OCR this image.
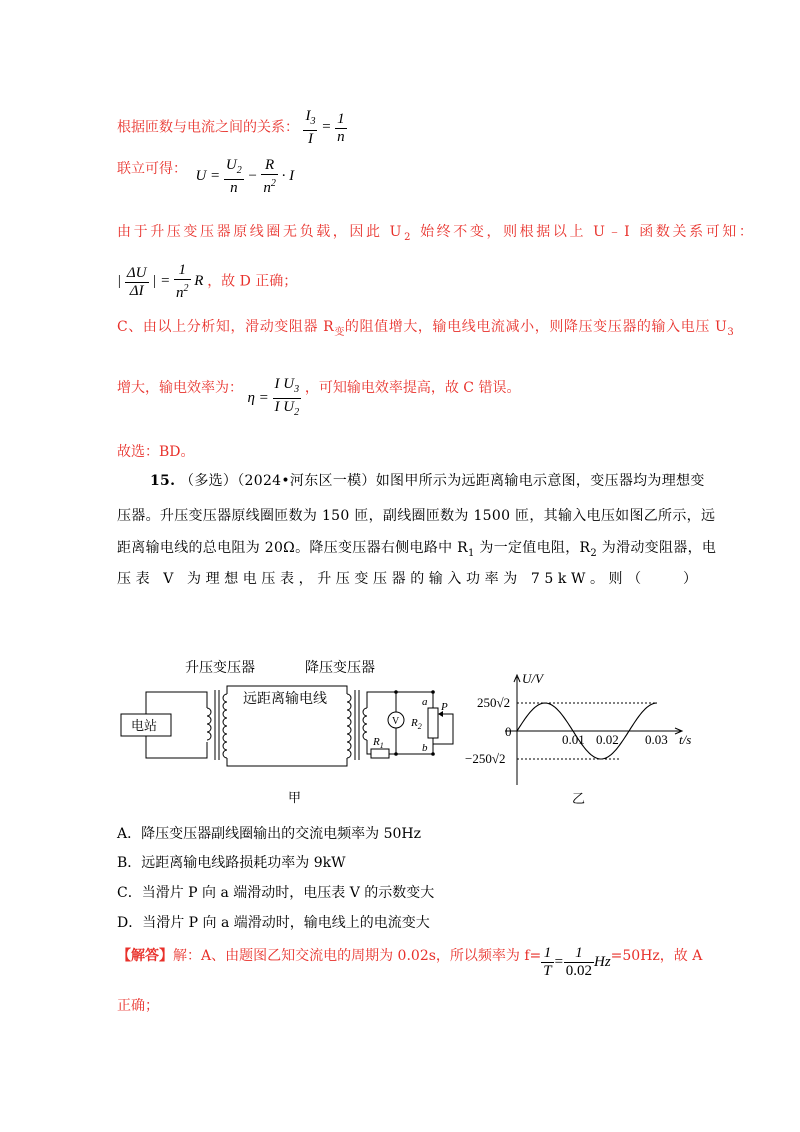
根据匝数与电流之间的关系： $\frac{I_3}{I} = \frac{1}{n}$
联立可得： $U = \frac{U_2}{n} - \frac{R}{n^2} \cdot I$
由于升压变压器原线圈无负载，因此 $U_2$ 始终不变，则根据以上 U﹣I 函数关系可知：
| $\frac{\Delta U}{\Delta I}$ | = $\frac{1}{n^2}$ R ，故 D 正确；
C、由以上分析知，滑动变阻器 $R_变$的阻值增大，输电线电流减小，则降压变压器的输入电压 $U_3$
增大，输电效率为： $\eta = \frac{I U_3}{I U_2}$ ，可知输电效率提高，故 C 错误。
故选：BD。
15. （多选）（2024•河东区一模）如图甲所示为远距离输电示意图，变压器均为理想变
压器。升压变压器原线圈匝数为 150 匝，副线圈匝数为 1500 匝，其输入电压如图乙所示，远
距离输电线的总电阻为 20Ω。降压变压器右侧电路中 $R_1$ 为一定值电阻，$R_2$ 为滑动变阻器，电
压表 V 为理想电压表，升压变压器的输入功率为 75kW。则（　　）
升压变压器	降压变压器
远距离输电线
电站	V
$R_1$
$R_2$
a
b
P
甲
U/V
t/s
0
250√2
−250√2
0.01 0.02 0.03
乙
A．降压变压器副线圈输出的交流电频率为 50Hz
B．远距离输电线路损耗功率为 9kW
C．当滑片 P 向 a 端滑动时，电压表 V 的示数变大
D．当滑片 P 向 a 端滑动时，输电线上的电流变大
【解答】解：A、由题图乙知交流电的周期为 0.02s，所以频率为 $f= \frac{1}{T} = \frac{1}{0.02} Hz=50Hz$，故 A
正确；
